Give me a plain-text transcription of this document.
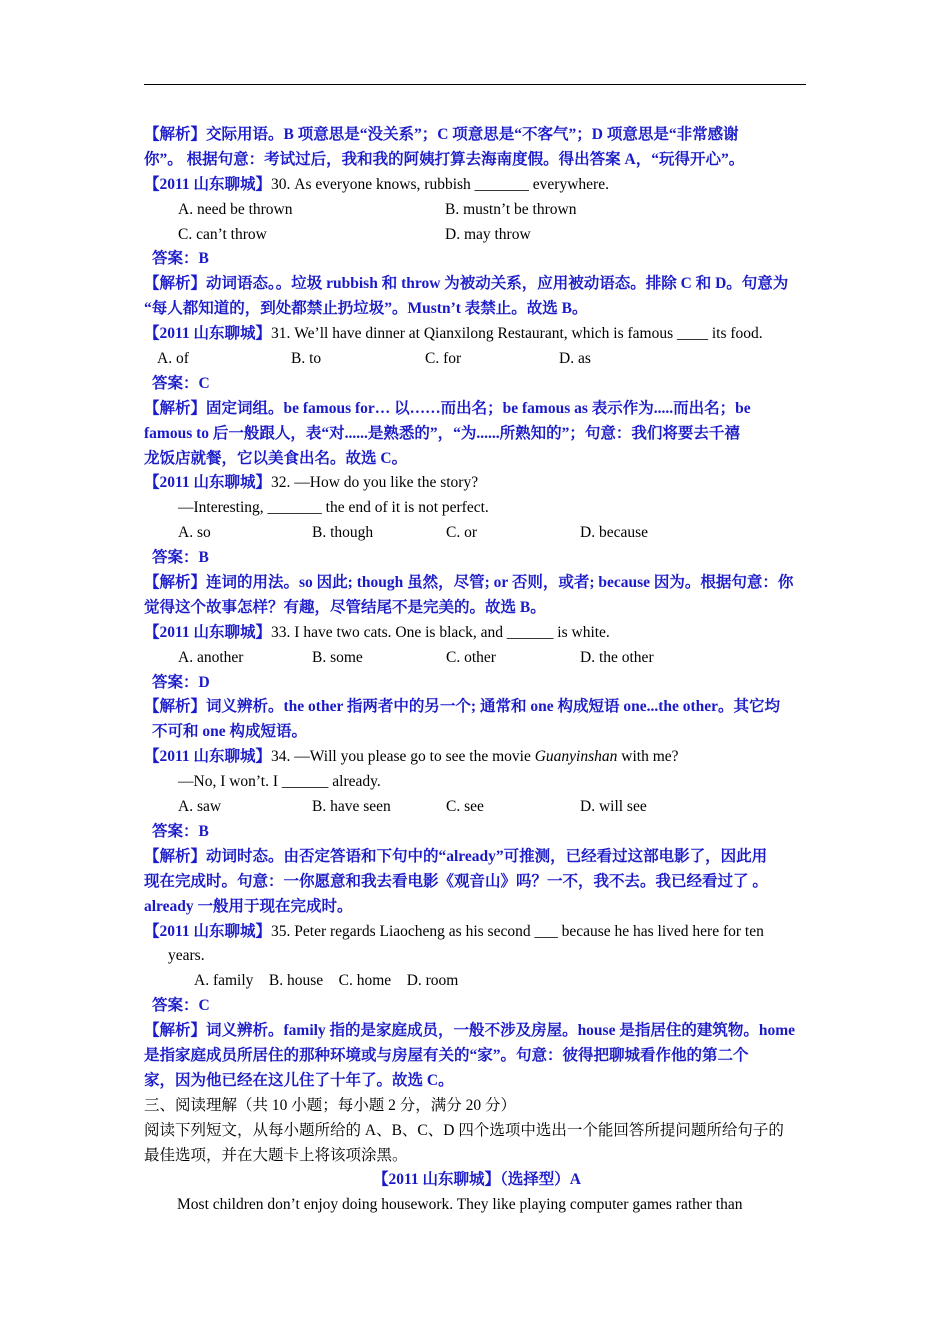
【解析】交际用语。B 项意思是“没关系”；C 项意思是“不客气”；D 项意思是“非常感谢
你”。 根据句意：考试过后，我和我的阿姨打算去海南度假。得出答案 A，“玩得开心”。
【2011 山东聊城】30. As everyone knows, rubbish _______ everywhere.
A. need be thrown	B. mustn’t be thrown
C. can’t throw	D. may throw
答案：B
【解析】动词语态。。垃圾 rubbish 和 throw 为被动关系，应用被动语态。排除 C 和 D。句意为
“每人都知道的，到处都禁止扔垃圾”。Mustn’t 表禁止。故选 B。
【2011 山东聊城】31. We’ll have dinner at Qianxilong Restaurant, which is famous ____ its food.
A. of	B. to	C. for	D. as
答案：C
【解析】固定词组。be famous for… 以……而出名；be famous as 表示作为.....而出名；be
famous to 后一般跟人，表“对......是熟悉的”，“为......所熟知的”；句意：我们将要去千禧
龙饭店就餐，它以美食出名。故选 C。
【2011 山东聊城】32. —How do you like the story?
—Interesting, _______ the end of it is not perfect.
A. so	B. though	C. or	D. because
答案：B
【解析】连词的用法。so 因此; though 虽然，尽管; or 否则，或者; because 因为。根据句意：你
觉得这个故事怎样？有趣，尽管结尾不是完美的。故选 B。
【2011 山东聊城】33. I have two cats. One is black, and ______ is white.
A. another	B. some	C. other	D. the other
答案：D
【解析】词义辨析。the other 指两者中的另一个; 通常和 one 构成短语 one...the other。其它均
不可和 one 构成短语。
【2011 山东聊城】34. —Will you please go to see the movie Guanyinshan with me?
—No, I won’t. I ______ already.
A. saw	B. have seen	C. see	D. will see
答案：B
【解析】动词时态。由否定答语和下句中的“already”可推测，已经看过这部电影了，因此用
现在完成时。句意：一你愿意和我去看电影《观音山》吗？一不，我不去。我已经看过了 。
already 一般用于现在完成时。
【2011 山东聊城】35. Peter regards Liaocheng as his second ___ because he has lived here for ten
years.
A. family B. house C. home D. room
答案：C
【解析】词义辨析。family 指的是家庭成员，一般不涉及房屋。house 是指居住的建筑物。home
是指家庭成员所居住的那种环境或与房屋有关的“家”。句意：彼得把聊城看作他的第二个
家，因为他已经在这儿住了十年了。故选 C。
三、阅读理解（共 10 小题；每小题 2 分，满分 20 分）
阅读下列短文，从每小题所给的 A、B、C、D 四个选项中选出一个能回答所提问题所给句子的
最佳选项，并在大题卡上将该项涂黑。
【2011 山东聊城】（选择型）A
Most children don’t enjoy doing housework. They like playing computer games rather than
